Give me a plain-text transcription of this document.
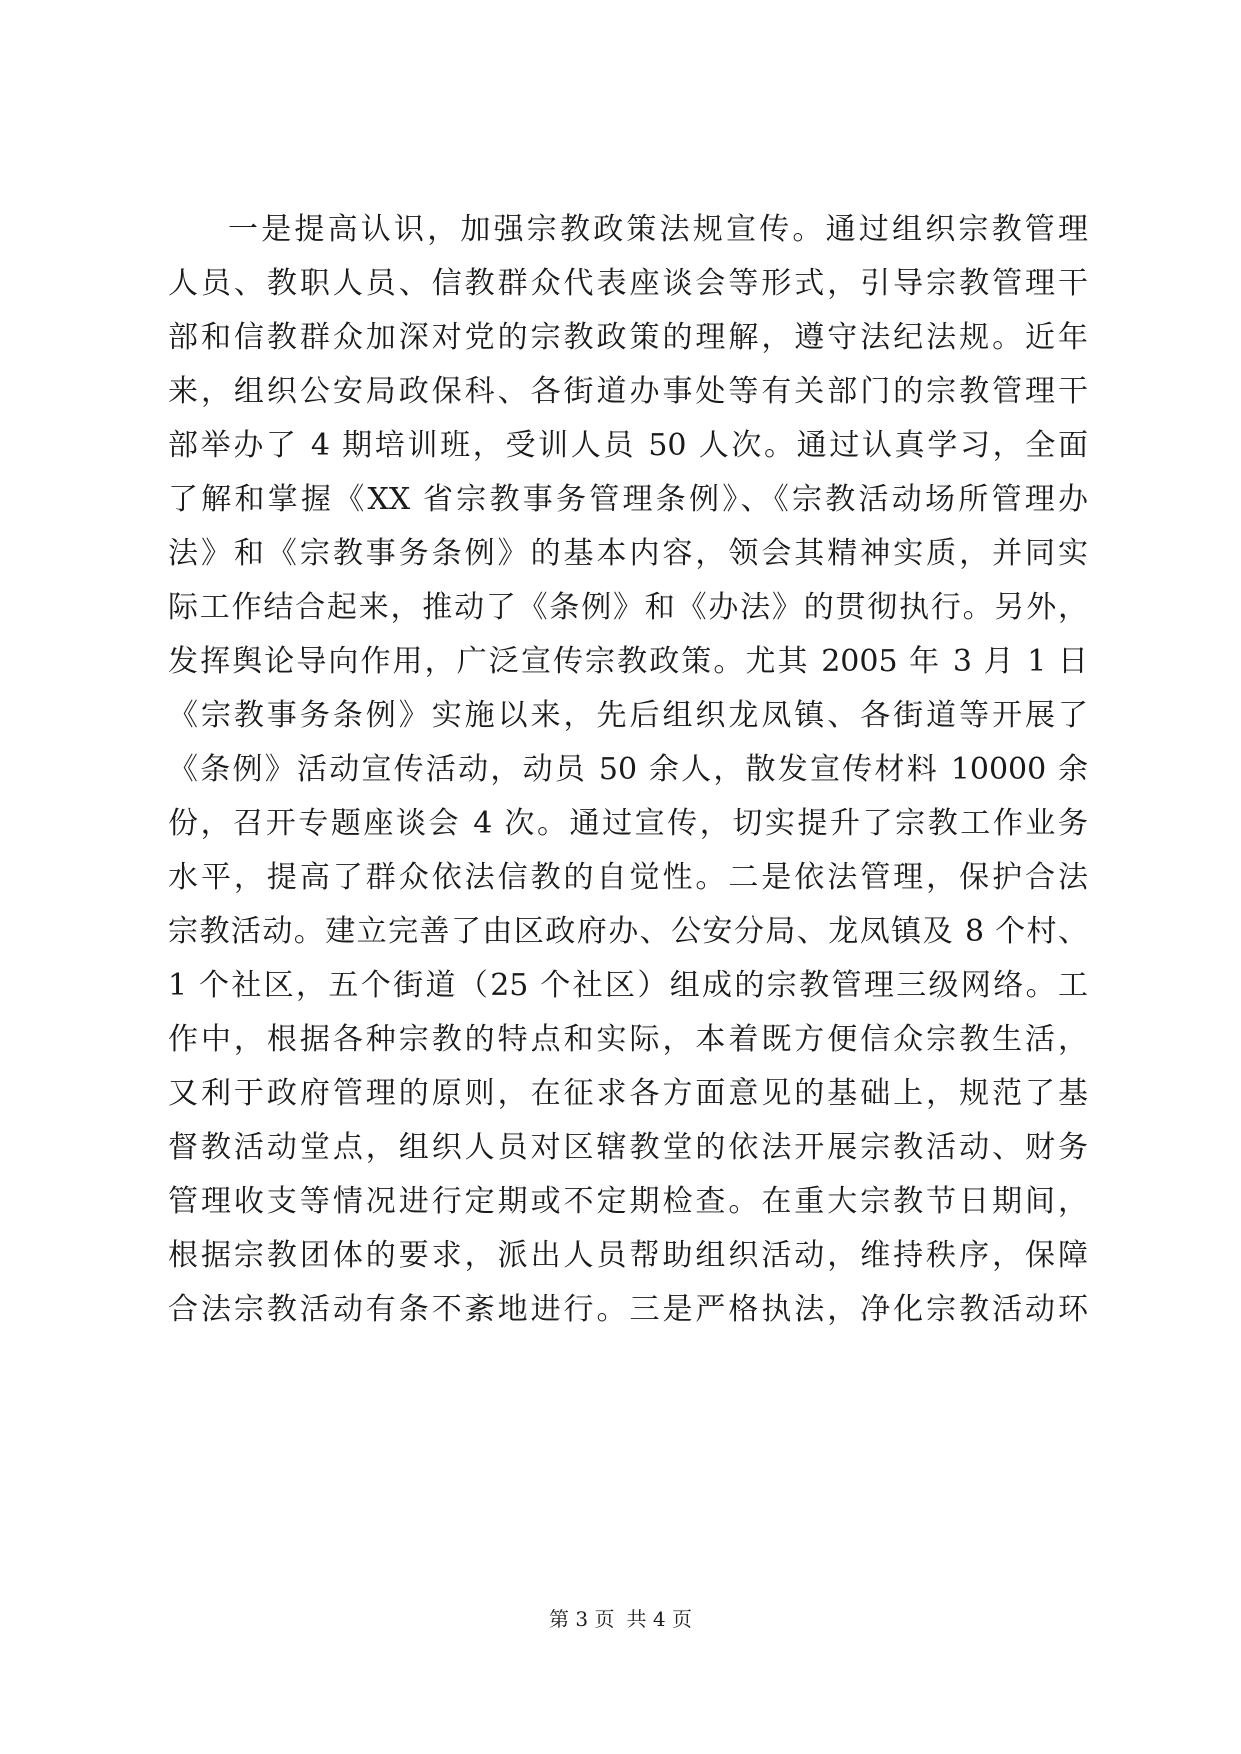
一是提高认识，加强宗教政策法规宣传。通过组织宗教管理
人员、教职人员、信教群众代表座谈会等形式，引导宗教管理干
部和信教群众加深对党的宗教政策的理解，遵守法纪法规。近年
来，组织公安局政保科、各街道办事处等有关部门的宗教管理干
部举办了 4 期培训班，受训人员 50 人次。通过认真学习，全面
了解和掌握《XX 省宗教事务管理条例》、《宗教活动场所管理办
法》和《宗教事务条例》的基本内容，领会其精神实质，并同实
际工作结合起来，推动了《条例》和《办法》的贯彻执行。另外，
发挥舆论导向作用，广泛宣传宗教政策。尤其 2005 年 3 月 1 日
《宗教事务条例》实施以来，先后组织龙凤镇、各街道等开展了
《条例》活动宣传活动，动员 50 余人，散发宣传材料 10000 余
份，召开专题座谈会 4 次。通过宣传，切实提升了宗教工作业务
水平，提高了群众依法信教的自觉性。二是依法管理，保护合法
宗教活动。建立完善了由区政府办、公安分局、龙凤镇及 8 个村、
1 个社区，五个街道（25 个社区）组成的宗教管理三级网络。工
作中，根据各种宗教的特点和实际，本着既方便信众宗教生活，
又利于政府管理的原则，在征求各方面意见的基础上，规范了基
督教活动堂点，组织人员对区辖教堂的依法开展宗教活动、财务
管理收支等情况进行定期或不定期检查。在重大宗教节日期间，
根据宗教团体的要求，派出人员帮助组织活动，维持秩序，保障
合法宗教活动有条不紊地进行。三是严格执法，净化宗教活动环
第 3 页 共 4 页
